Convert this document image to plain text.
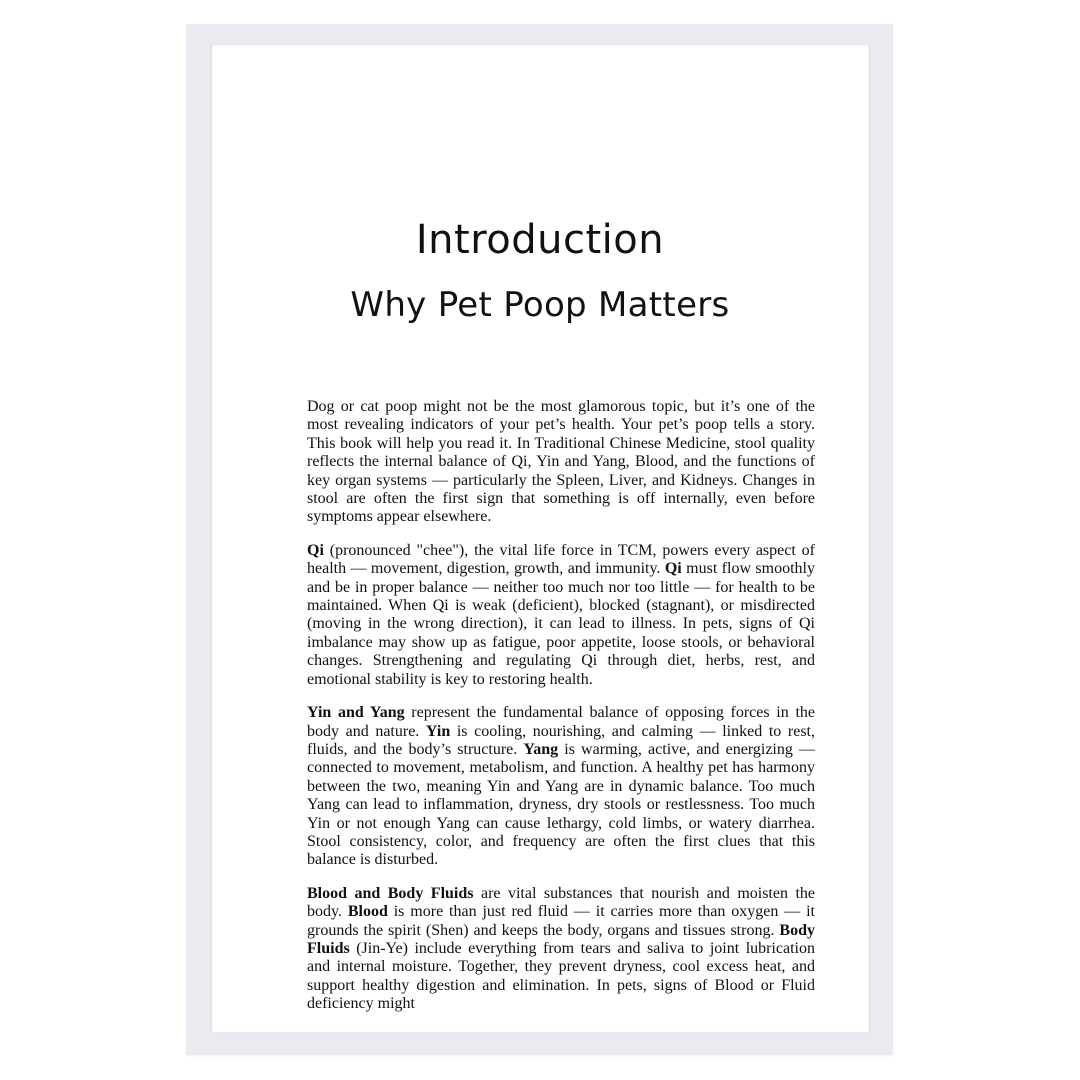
Introduction
Why Pet Poop Matters

Dog or cat poop might not be the most glamorous topic, but it’s one of the most revealing indicators of your pet’s health. Your pet’s poop tells a story. This book will help you read it. In Traditional Chinese Medicine, stool quality reflects the internal balance of Qi, Yin and Yang, Blood, and the functions of key organ systems — particularly the Spleen, Liver, and Kidneys. Changes in stool are often the first sign that something is off internally, even before symptoms appear elsewhere.

Qi (pronounced "chee"), the vital life force in TCM, powers every aspect of health — movement, digestion, growth, and immunity. Qi must flow smoothly and be in proper balance — neither too much nor too little — for health to be maintained. When Qi is weak (deficient), blocked (stagnant), or misdirected (moving in the wrong direction), it can lead to illness. In pets, signs of Qi imbalance may show up as fatigue, poor appetite, loose stools, or behavioral changes. Strengthening and regulating Qi through diet, herbs, rest, and emotional stability is key to restoring health.

Yin and Yang represent the fundamental balance of opposing forces in the body and nature. Yin is cooling, nourishing, and calming — linked to rest, fluids, and the body’s structure. Yang is warming, active, and energizing — connected to movement, metabolism, and function. A healthy pet has harmony between the two, meaning Yin and Yang are in dynamic balance. Too much Yang can lead to inflammation, dryness, dry stools or restlessness. Too much Yin or not enough Yang can cause lethargy, cold limbs, or watery diarrhea. Stool consistency, color, and frequency are often the first clues that this balance is disturbed.

Blood and Body Fluids are vital substances that nourish and moisten the body. Blood is more than just red fluid — it carries more than oxygen — it grounds the spirit (Shen) and keeps the body, organs and tissues strong. Body Fluids (Jin-Ye) include everything from tears and saliva to joint lubrication and internal moisture. Together, they prevent dryness, cool excess heat, and support healthy digestion and elimination. In pets, signs of Blood or Fluid deficiency might
